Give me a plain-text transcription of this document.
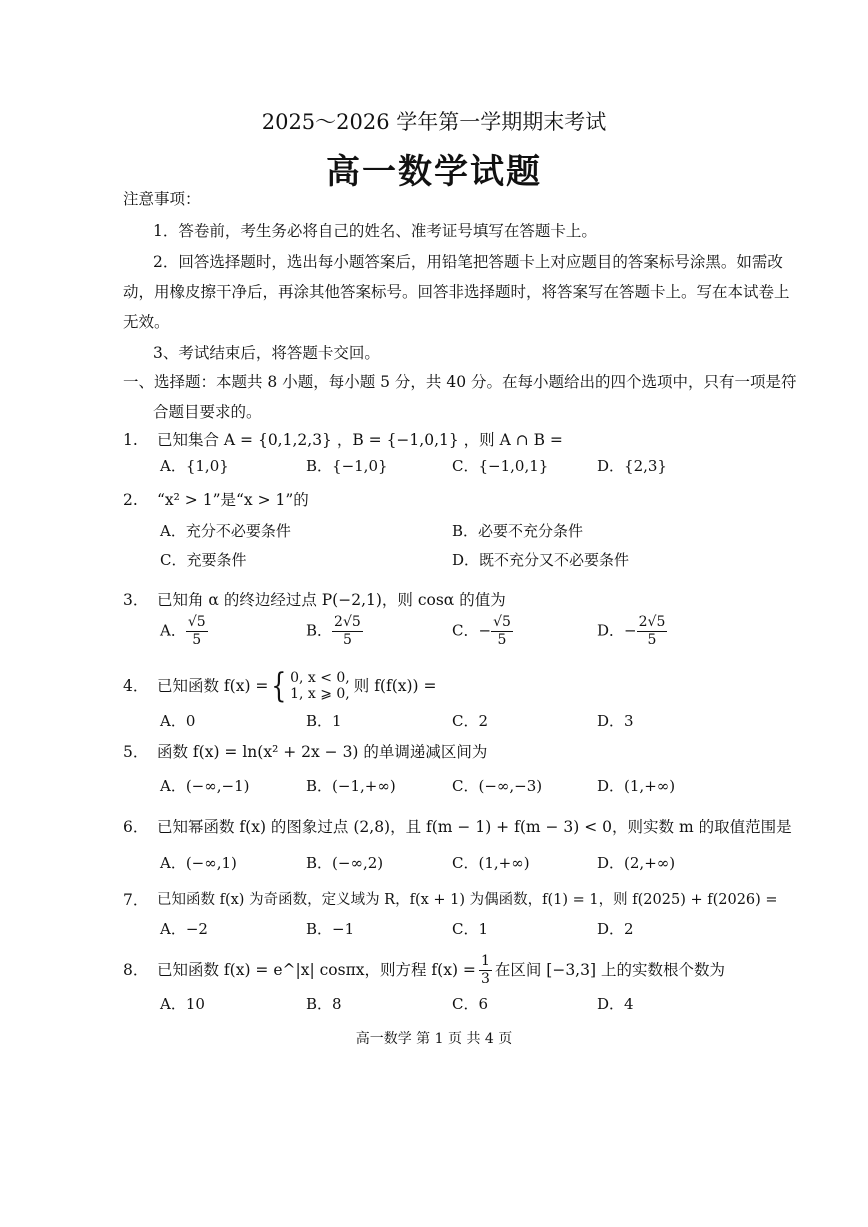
2025～2026 学年第一学期期末考试
高一数学试题
注意事项：
1．答卷前，考生务必将自己的姓名、准考证号填写在答题卡上。
2．回答选择题时，选出每小题答案后，用铅笔把答题卡上对应题目的答案标号涂黑。如需改
动，用橡皮擦干净后，再涂其他答案标号。回答非选择题时，将答案写在答题卡上。写在本试卷上
无效。
3、考试结束后，将答题卡交回。
一、选择题：本题共 8 小题，每小题 5 分，共 40 分。在每小题给出的四个选项中，只有一项是符
合题目要求的。
1. 已知集合 A = {0,1,2,3} ，B = {−1,0,1} ，则 A ∩ B =
A．{1,0}	B．{−1,0}	C．{−1,0,1}	D．{2,3}
2. “x² > 1”是“x > 1”的
A．充分不必要条件	B．必要不充分条件
C．充要条件	D．既不充分又不必要条件
3． 已知角 α 的终边经过点 P(−2,1)，则 cosα 的值为
A． $\frac{√5}{5}$	B． $\frac{2√5}{5}$	C．− $\frac{√5}{5}$	D．− $\frac{2√5}{5}$
4． 已知函数 f(x) = { 0, x < 0,
1, x ⩾ 0, 则 f(f(x)) =
A．0	B．1	C．2	D．3
5． 函数 f(x) = ln(x² + 2x − 3) 的单调递减区间为
A．(−∞,−1)	B．(−1,+∞)	C．(−∞,−3)	D．(1,+∞)
6． 已知幂函数 f(x) 的图象过点 (2,8)，且 f(m − 1) + f(m − 3) < 0，则实数 m 的取值范围是
A．(−∞,1)	B．(−∞,2)	C．(1,+∞)	D．(2,+∞)
7． 已知函数 f(x) 为奇函数，定义域为 R，f(x + 1) 为偶函数，f(1) = 1，则 f(2025) + f(2026) =
A．−2	B．−1	C．1	D．2
8． 已知函数 f(x) = e^|x| cosπx，则方程 $f(x) = \frac{1}{3}$ 在区间 [−3,3] 上的实数根个数为
A．10	B．8	C．6	D．4
高一数学 第 1 页 共 4 页
